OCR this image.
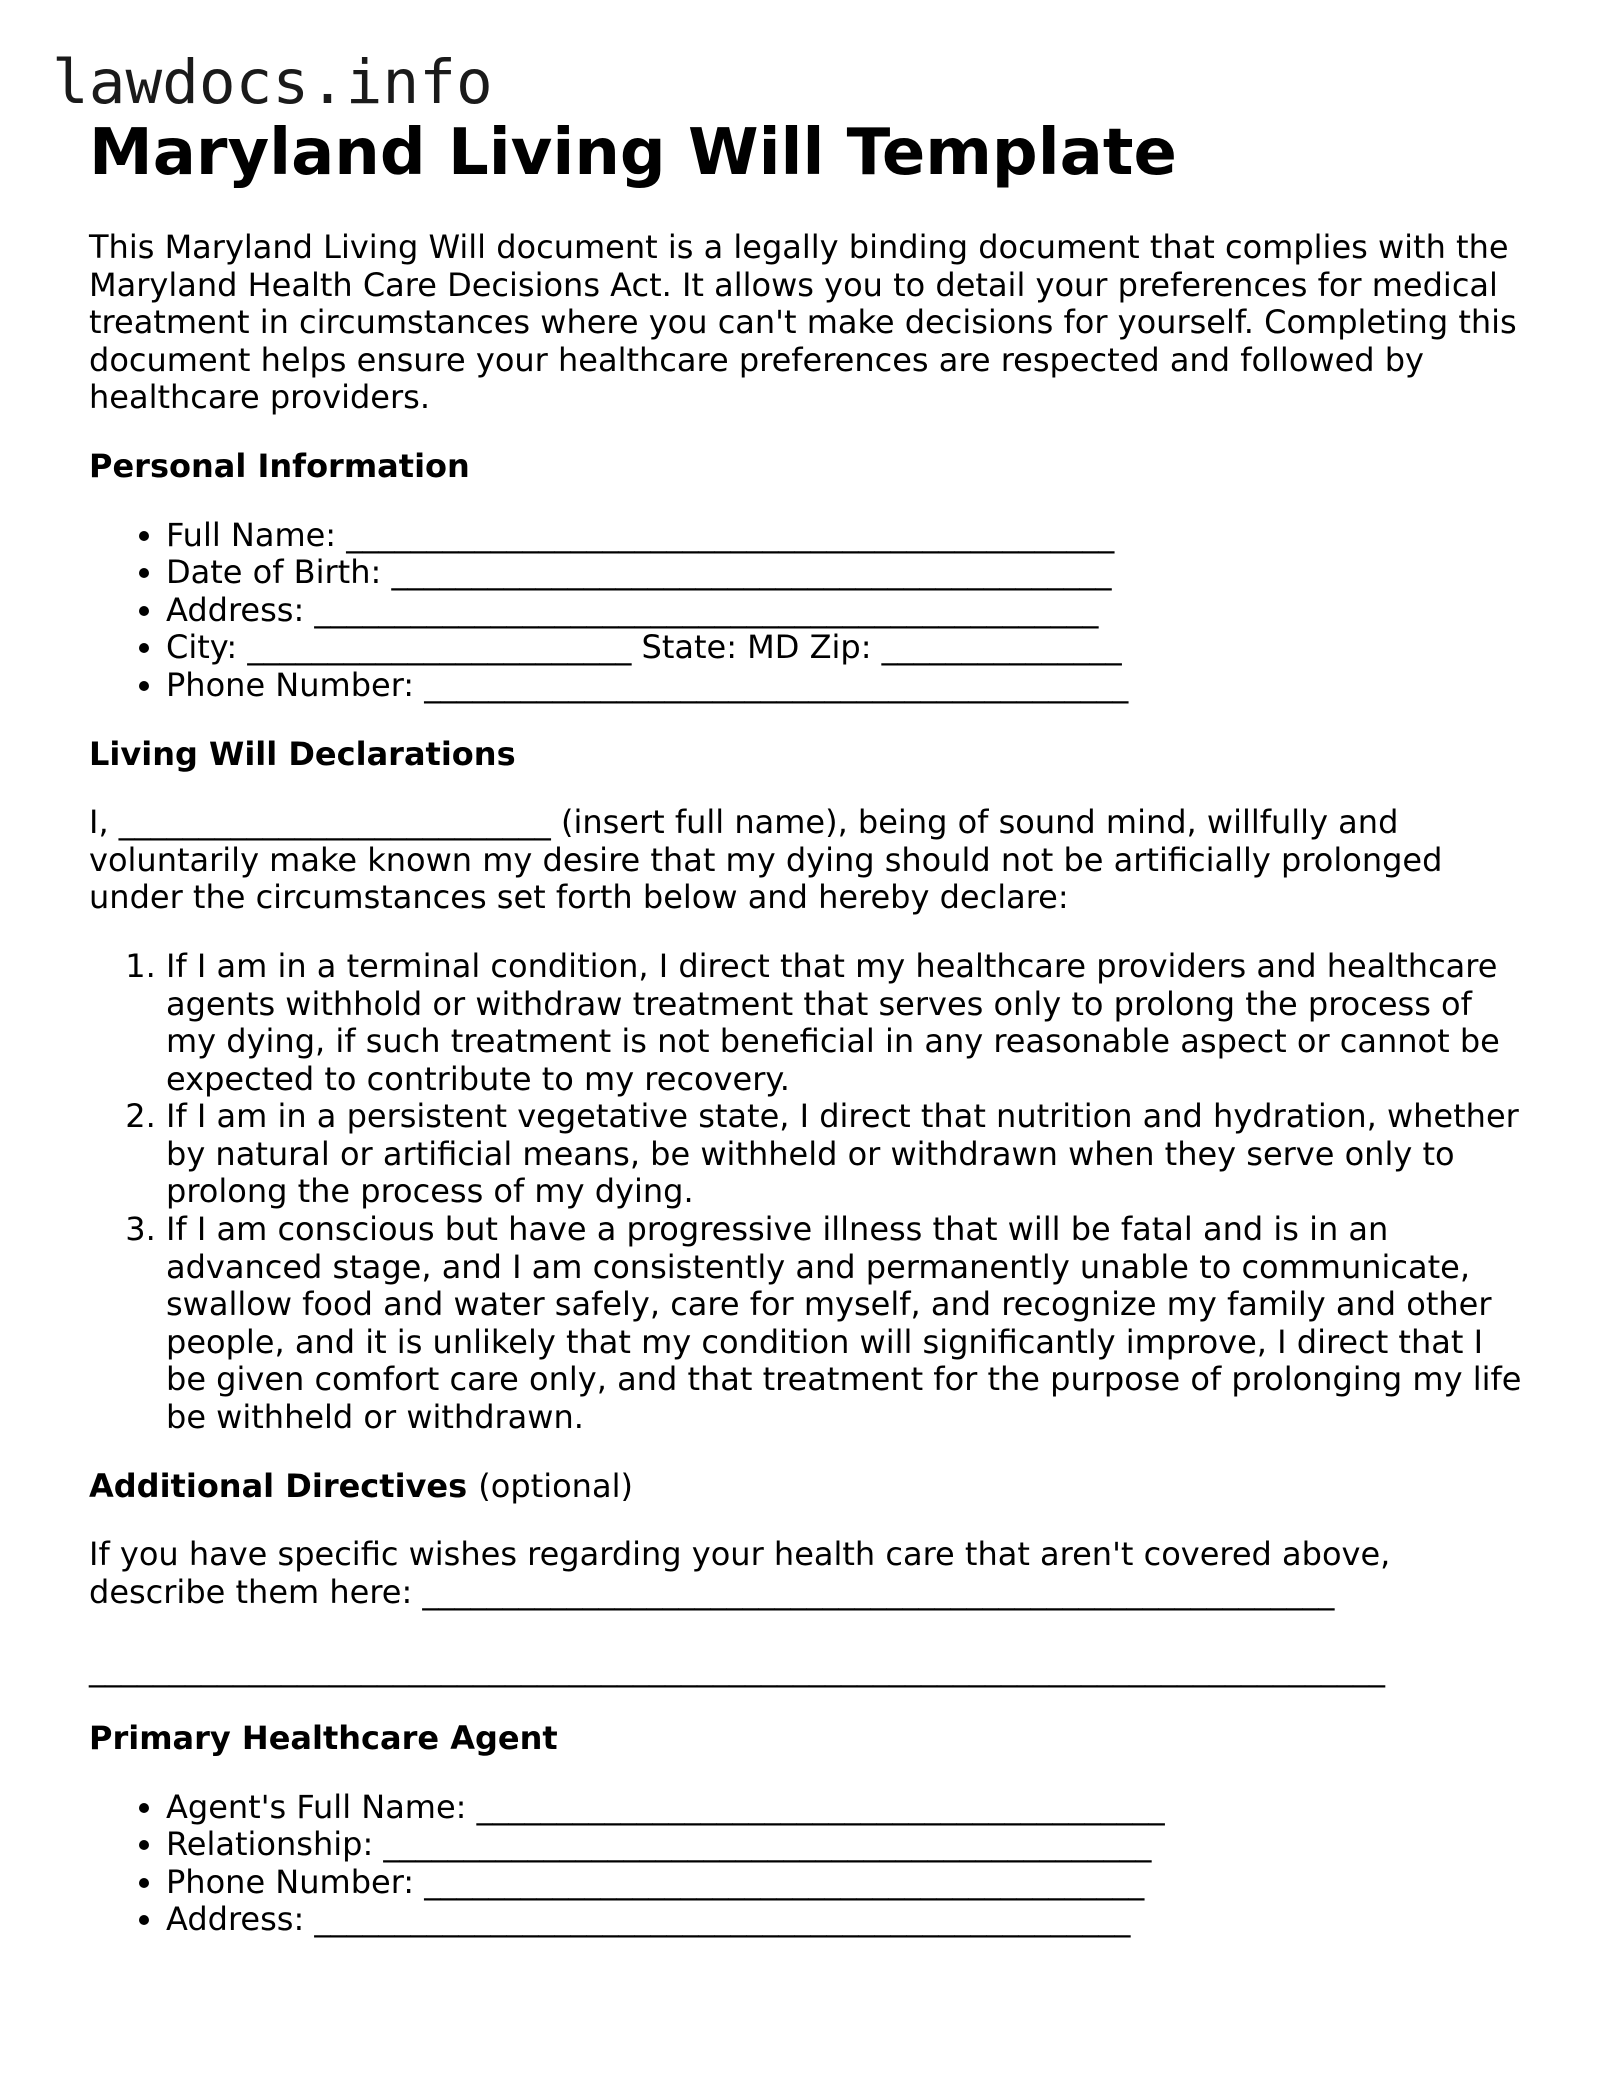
lawdocs.info
Maryland Living Will Template

This Maryland Living Will document is a legally binding document that complies with the Maryland Health Care Decisions Act. It allows you to detail your preferences for medical treatment in circumstances where you can't make decisions for yourself. Completing this document helps ensure your healthcare preferences are respected and followed by healthcare providers.

Personal Information
• Full Name: ________________________________________________
• Date of Birth: _____________________________________________
• Address: _________________________________________________
• City: ________________________ State: MD Zip: _______________
• Phone Number: ____________________________________________
Living Will Declarations

I, ___________________________ (insert full name), being of sound mind, willfully and voluntarily make known my desire that my dying should not be artificially prolonged under the circumstances set forth below and hereby declare:

1. If I am in a terminal condition, I direct that my healthcare providers and healthcare agents withhold or withdraw treatment that serves only to prolong the process of my dying, if such treatment is not beneficial in any reasonable aspect or cannot be expected to contribute to my recovery.
2. If I am in a persistent vegetative state, I direct that nutrition and hydration, whether by natural or artificial means, be withheld or withdrawn when they serve only to prolong the process of my dying.
3. If I am conscious but have a progressive illness that will be fatal and is in an advanced stage, and I am consistently and permanently unable to communicate, swallow food and water safely, care for myself, and recognize my family and other people, and it is unlikely that my condition will significantly improve, I direct that I be given comfort care only, and that treatment for the purpose of prolonging my life be withheld or withdrawn.
Additional Directives (optional)

If you have specific wishes regarding your health care that aren't covered above, describe them here: _________________________________________________________

_________________________________________________________________________________

Primary Healthcare Agent
• Agent's Full Name: ___________________________________________
• Relationship: ________________________________________________
• Phone Number: _____________________________________________
• Address: ___________________________________________________
